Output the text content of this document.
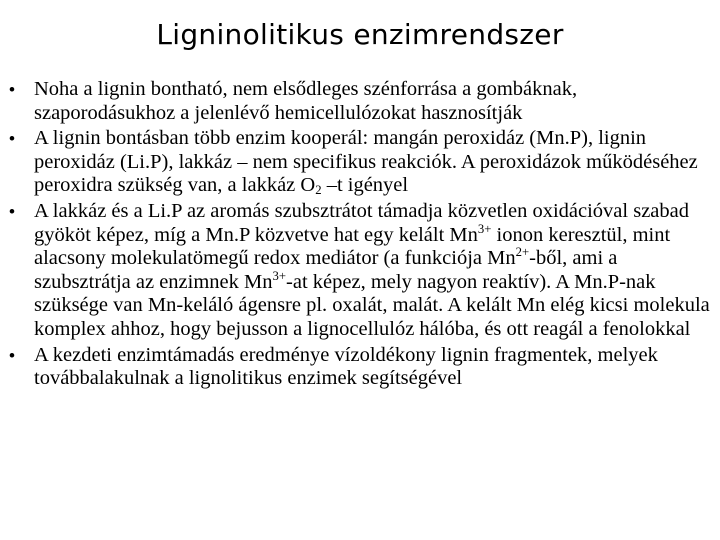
Ligninolitikus enzimrendszer
• Noha a lignin bontható, nem elsődleges szénforrása a gombáknak, szaporodásukhoz a jelenlévő hemicellulózokat hasznosítják
• A lignin bontásban több enzim kooperál: mangán peroxidáz (Mn.P), lignin peroxidáz (Li.P), lakkáz – nem specifikus reakciók. A peroxidázok működéséhez peroxidra szükség van, a lakkáz $O_2$ –t igényel
• A lakkáz és a Li.P az aromás szubsztrátot támadja közvetlen oxidációval szabad gyököt képez, míg a Mn.P közvetve hat egy kelált $Mn^{3+}$ ionon keresztül, mint alacsony molekulatömegű redox mediátor (a funkciója $Mn^{2+}$-ből, ami a szubsztrátja az enzimnek $Mn^{3+}-at$ képez, mely nagyon reaktív). A Mn.P-nak szüksége van Mn-keláló ágensre pl. oxalát, malát. A kelált Mn elég kicsi molekula komplex ahhoz, hogy bejusson a lignocellulóz hálóba, és ott reagál a fenolokkal
• A kezdeti enzimtámadás eredménye vízoldékony lignin fragmentek, melyek továbbalakulnak a lignolitikus enzimek segítségével
